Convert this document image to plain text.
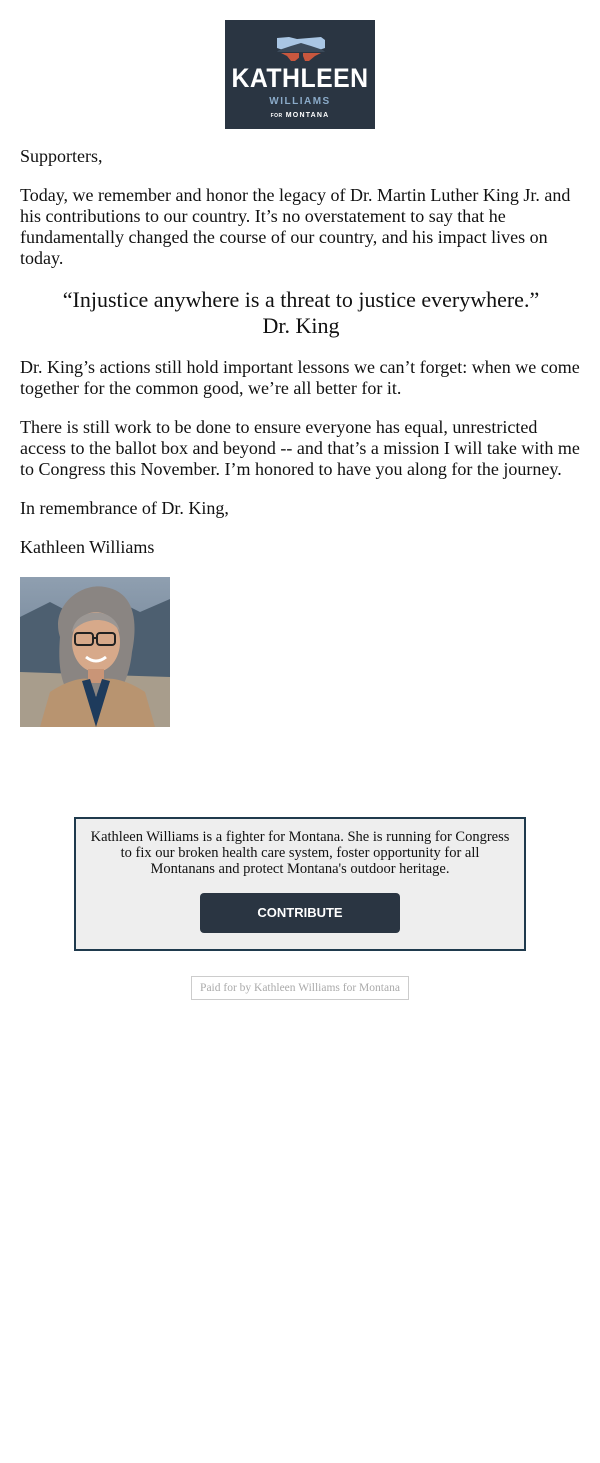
KATHLEEN
WILLIAMS
FOR MONTANA

Supporters,

Today, we remember and honor the legacy of Dr. Martin Luther King Jr. and his contributions to our country. It’s no overstatement to say that he fundamentally changed the course of our country, and his impact lives on today.

“Injustice anywhere is a threat to justice everywhere.”
Dr. King

Dr. King’s actions still hold important lessons we can’t forget: when we come together for the common good, we’re all better for it.

There is still work to be done to ensure everyone has equal, unrestricted access to the ballot box and beyond -- and that’s a mission I will take with me to Congress this November. I’m honored to have you along for the journey.

In remembrance of Dr. King,

Kathleen Williams

Kathleen Williams is a fighter for Montana. She is running for Congress to fix our broken health care system, foster opportunity for all Montanans and protect Montana's outdoor heritage.
CONTRIBUTE
Paid for by Kathleen Williams for Montana
